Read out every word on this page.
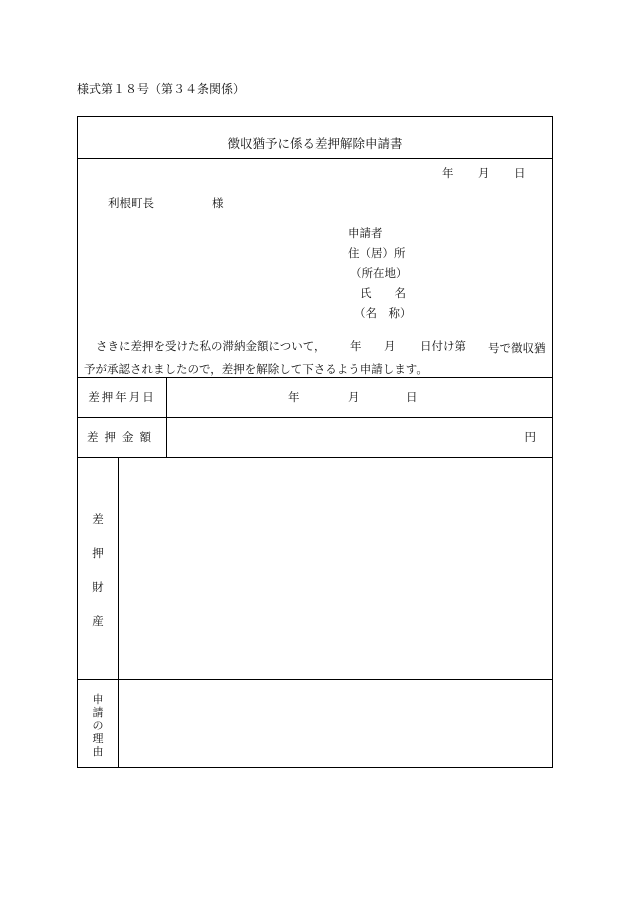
様式第１８号（第３４条関係）
徴収猶予に係る差押解除申請書
年 月 日
利根町長	様
申請者
住（居）所
（所在地）
氏　　名
（名　称）
さきに差押を受けた私の滞納金額について， 年 月 日付け第	号で徴収猶予が承認されましたので，差押を解除して下さるよう申請します。
差押年月日	年	月	日
差押金額	円
差
押
財
産
申
請
の
理
由
